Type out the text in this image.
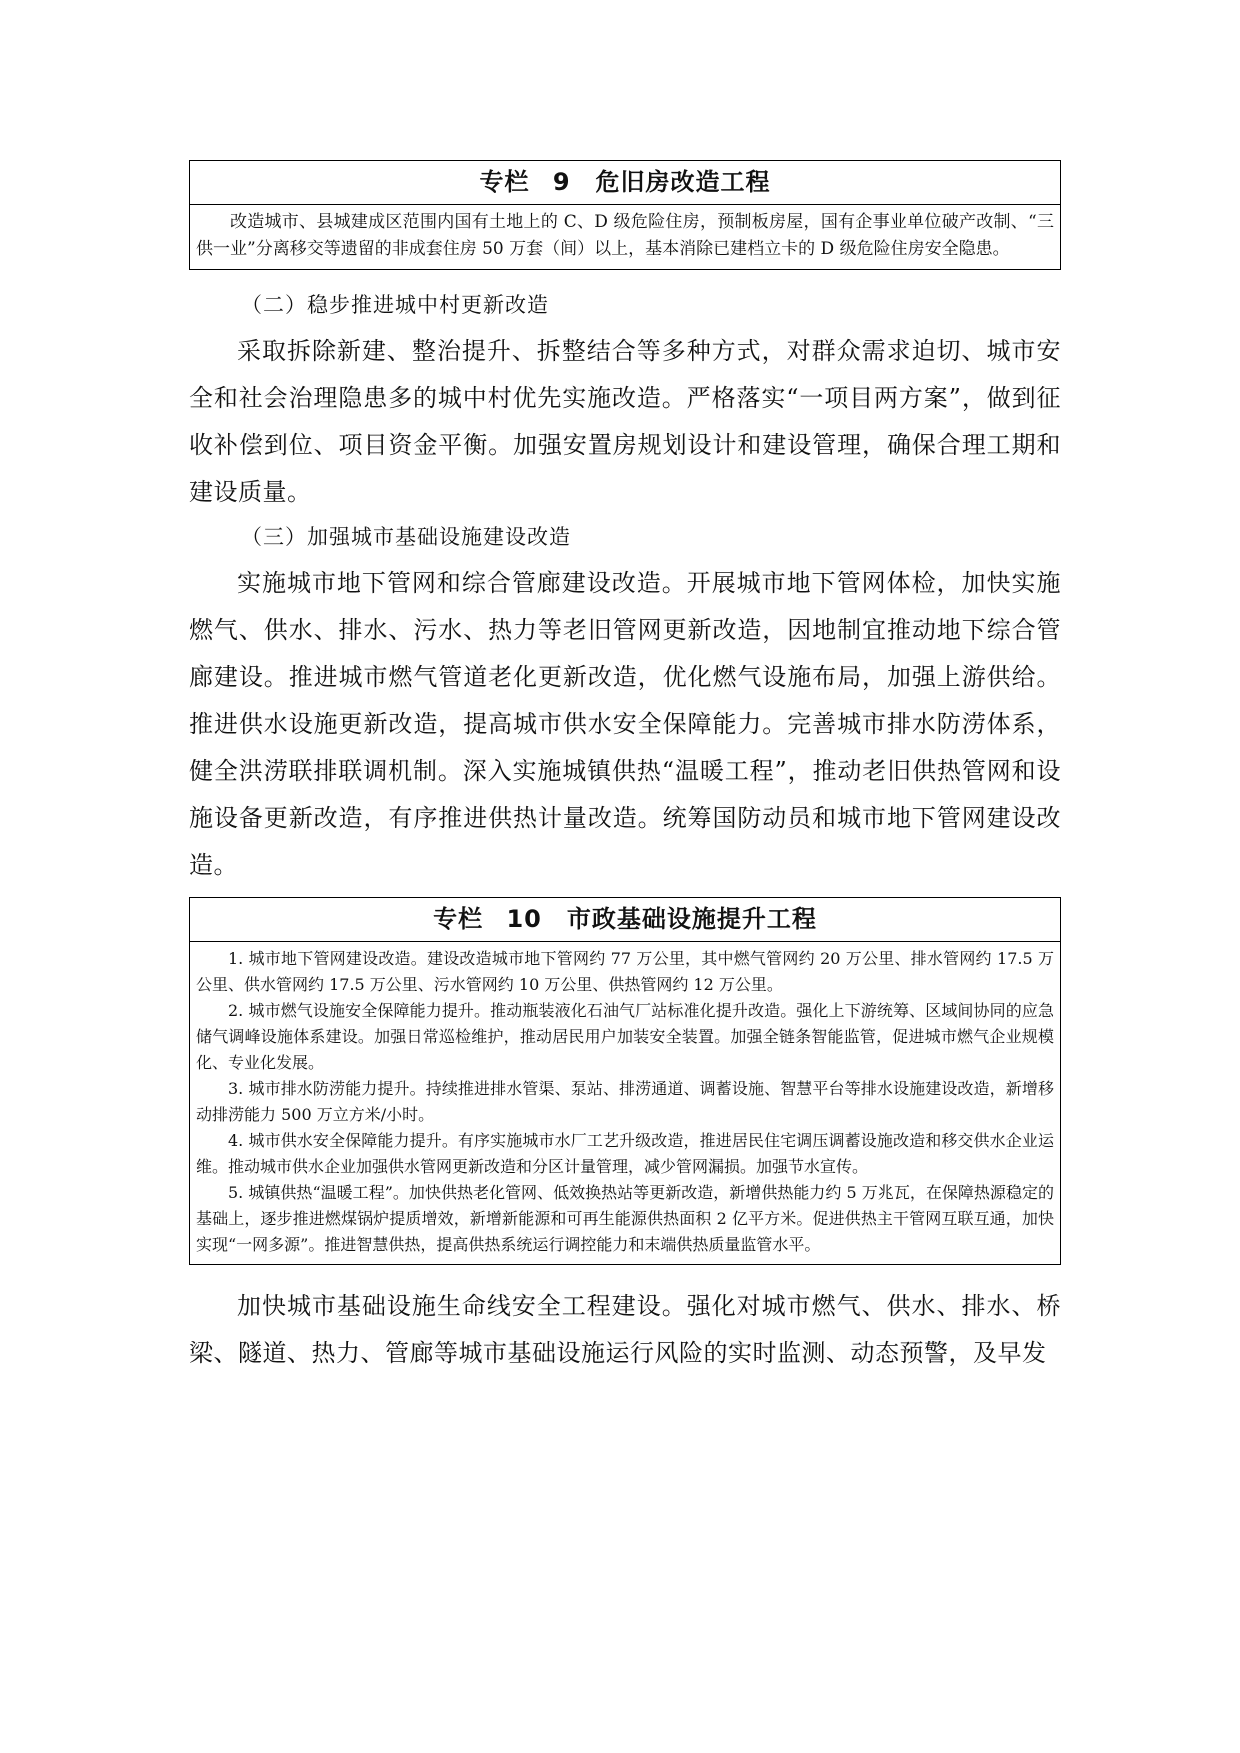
专栏 9　危旧房改造工程

改造城市、县城建成区范围内国有土地上的 C、D 级危险住房，预制板房屋，国有企事业单位破产改制、“三供一业”分离移交等遗留的非成套住房 50 万套（间）以上，基本消除已建档立卡的 D 级危险住房安全隐患。

（二）稳步推进城中村更新改造

采取拆除新建、整治提升、拆整结合等多种方式，对群众需求迫切、城市安全和社会治理隐患多的城中村优先实施改造。严格落实“一项目两方案”，做到征收补偿到位、项目资金平衡。加强安置房规划设计和建设管理，确保合理工期和建设质量。

（三）加强城市基础设施建设改造

实施城市地下管网和综合管廊建设改造。开展城市地下管网体检，加快实施燃气、供水、排水、污水、热力等老旧管网更新改造，因地制宜推动地下综合管廊建设。推进城市燃气管道老化更新改造，优化燃气设施布局，加强上游供给。推进供水设施更新改造，提高城市供水安全保障能力。完善城市排水防涝体系，健全洪涝联排联调机制。深入实施城镇供热“温暖工程”，推动老旧供热管网和设施设备更新改造，有序推进供热计量改造。统筹国防动员和城市地下管网建设改造。

专栏 10　市政基础设施提升工程

1. 城市地下管网建设改造。建设改造城市地下管网约 77 万公里，其中燃气管网约 20 万公里、排水管网约 17.5 万公里、供水管网约 17.5 万公里、污水管网约 10 万公里、供热管网约 12 万公里。

2. 城市燃气设施安全保障能力提升。推动瓶装液化石油气厂站标准化提升改造。强化上下游统筹、区域间协同的应急储气调峰设施体系建设。加强日常巡检维护，推动居民用户加装安全装置。加强全链条智能监管，促进城市燃气企业规模化、专业化发展。

3. 城市排水防涝能力提升。持续推进排水管渠、泵站、排涝通道、调蓄设施、智慧平台等排水设施建设改造，新增移动排涝能力 500 万立方米/小时。

4. 城市供水安全保障能力提升。有序实施城市水厂工艺升级改造，推进居民住宅调压调蓄设施改造和移交供水企业运维。推动城市供水企业加强供水管网更新改造和分区计量管理，减少管网漏损。加强节水宣传。

5. 城镇供热“温暖工程”。加快供热老化管网、低效换热站等更新改造，新增供热能力约 5 万兆瓦，在保障热源稳定的基础上，逐步推进燃煤锅炉提质增效，新增新能源和可再生能源供热面积 2 亿平方米。促进供热主干管网互联互通，加快实现“一网多源”。推进智慧供热，提高供热系统运行调控能力和末端供热质量监管水平。

加快城市基础设施生命线安全工程建设。强化对城市燃气、供水、排水、桥梁、隧道、热力、管廊等城市基础设施运行风险的实时监测、动态预警，及早发
